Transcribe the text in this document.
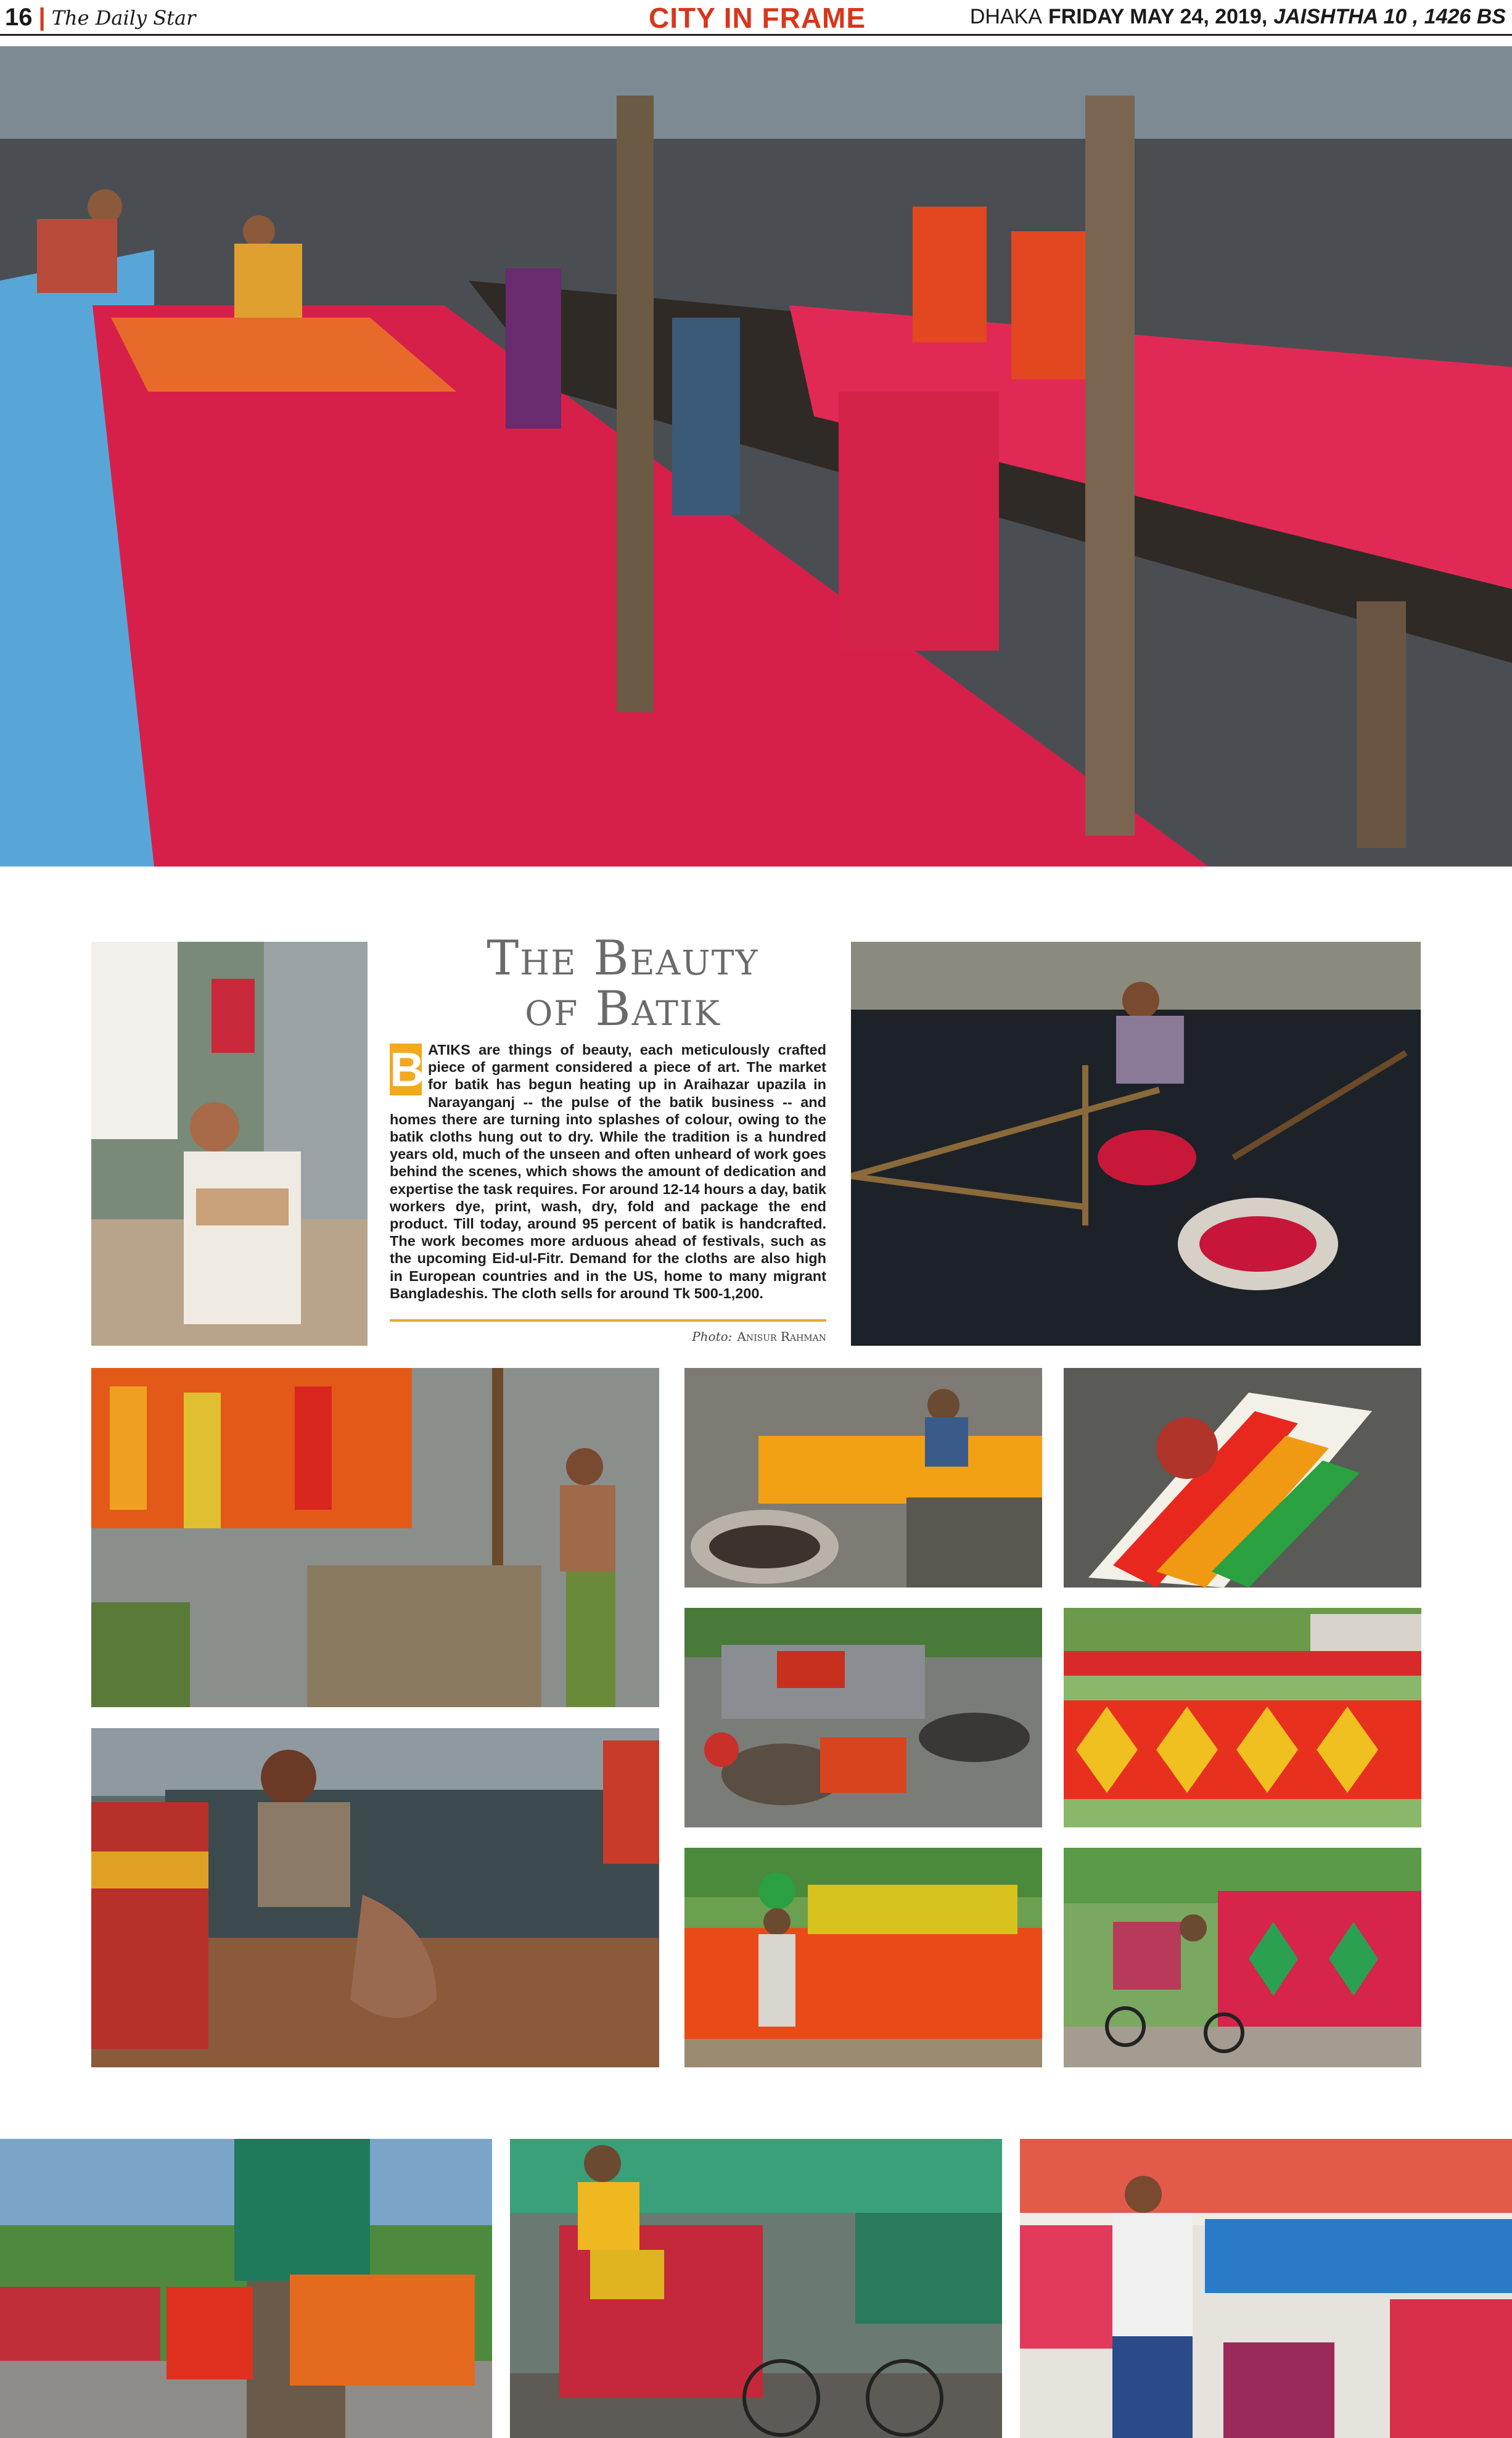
16 | The Daily Star	CITY IN FRAME	DHAKA FRIDAY MAY 24, 2019, JAISHTHA 10 , 1426 BS
The Beauty
of Batik
B ATIKS are things of beauty, each meticulously crafted piece of garment considered a piece of art. The market for batik has begun heating up in Araihazar upazila in Narayanganj -- the pulse of the batik business -- and homes there are turning into splashes of colour, owing to the batik cloths hung out to dry. While the tradition is a hundred years old, much of the unseen and often unheard of work goes behind the scenes, which shows the amount of dedication and expertise the task requires. For around 12-14 hours a day, batik workers dye, print, wash, dry, fold and package the end product. Till today, around 95 percent of batik is handcrafted. The work becomes more arduous ahead of festivals, such as the upcoming Eid-ul-Fitr. Demand for the cloths are also high in European countries and in the US, home to many migrant Bangladeshis. The cloth sells for around Tk 500-1,200.
Photo: Anisur Rahman
